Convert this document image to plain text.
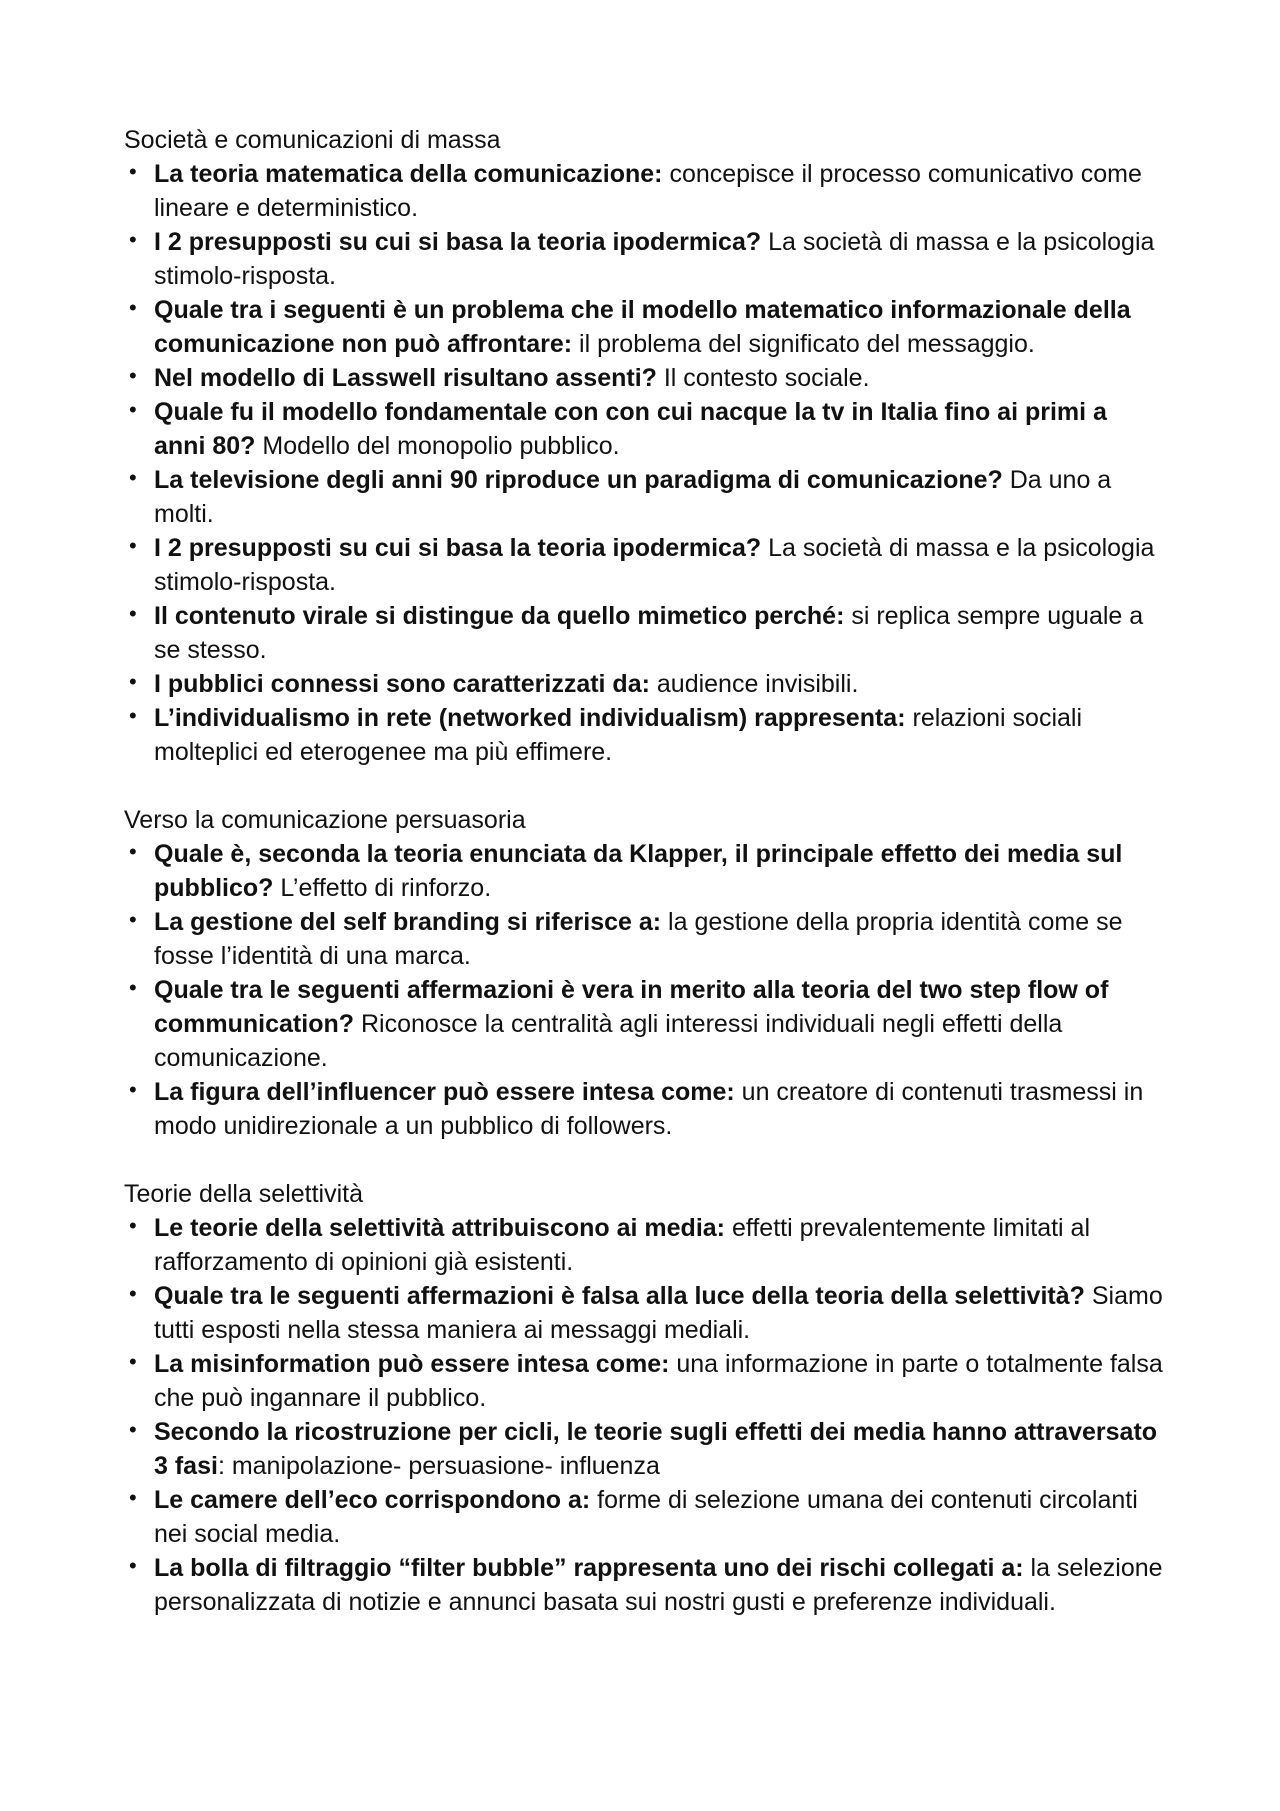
Società e comunicazioni di massa

• La teoria matematica della comunicazione: concepisce il processo comunicativo come lineare e deterministico.
• I 2 presupposti su cui si basa la teoria ipodermica? La società di massa e la psicologia stimolo-risposta.
• Quale tra i seguenti è un problema che il modello matematico informazionale della comunicazione non può affrontare: il problema del significato del messaggio.
• Nel modello di Lasswell risultano assenti? Il contesto sociale.
• Quale fu il modello fondamentale con con cui nacque la tv in Italia fino ai primi a anni 80? Modello del monopolio pubblico.
• La televisione degli anni 90 riproduce un paradigma di comunicazione? Da uno a molti.
• I 2 presupposti su cui si basa la teoria ipodermica? La società di massa e la psicologia stimolo-risposta.
• Il contenuto virale si distingue da quello mimetico perché: si replica sempre uguale a se stesso.
• I pubblici connessi sono caratterizzati da: audience invisibili.
• L’individualismo in rete (networked individualism) rappresenta: relazioni sociali molteplici ed eterogenee ma più effimere.

Verso la comunicazione persuasoria

• Quale è, seconda la teoria enunciata da Klapper, il principale effetto dei media sul pubblico? L’effetto di rinforzo.
• La gestione del self branding si riferisce a: la gestione della propria identità come se fosse l’identità di una marca.
• Quale tra le seguenti affermazioni è vera in merito alla teoria del two step flow of communication? Riconosce la centralità agli interessi individuali negli effetti della comunicazione.
• La figura dell’influencer può essere intesa come: un creatore di contenuti trasmessi in modo unidirezionale a un pubblico di followers.

Teorie della selettività

• Le teorie della selettività attribuiscono ai media: effetti prevalentemente limitati al rafforzamento di opinioni già esistenti.
• Quale tra le seguenti affermazioni è falsa alla luce della teoria della selettività? Siamo tutti esposti nella stessa maniera ai messaggi mediali.
• La misinformation può essere intesa come: una informazione in parte o totalmente falsa che può ingannare il pubblico.
• Secondo la ricostruzione per cicli, le teorie sugli effetti dei media hanno attraversato 3 fasi: manipolazione- persuasione- influenza
• Le camere dell’eco corrispondono a: forme di selezione umana dei contenuti circolanti nei social media.
• La bolla di filtraggio “filter bubble” rappresenta uno dei rischi collegati a: la selezione personalizzata di notizie e annunci basata sui nostri gusti e preferenze individuali.
